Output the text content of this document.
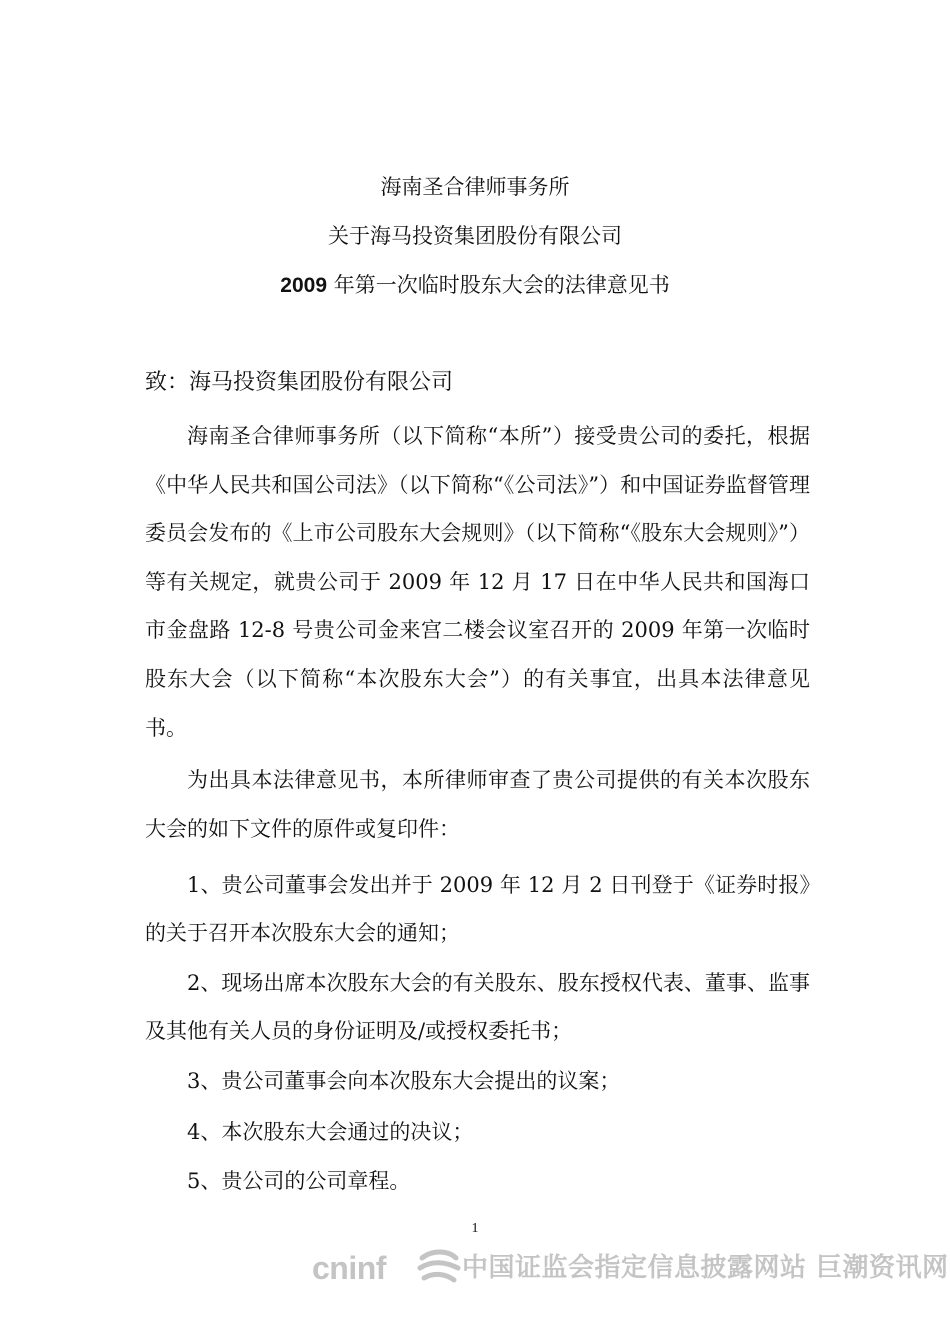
海南圣合律师事务所
关于海马投资集团股份有限公司
2009 年第一次临时股东大会的法律意见书
致：海马投资集团股份有限公司

海南圣合律师事务所（以下简称“本所”）接受贵公司的委托，根据《中华人民共和国公司法》（以下简称“《公司法》”）和中国证券监督管理委员会发布的《上市公司股东大会规则》（以下简称“《股东大会规则》”）等有关规定，就贵公司于 2009 年 12 月 17 日在中华人民共和国海口市金盘路 12-8 号贵公司金来宫二楼会议室召开的 2009 年第一次临时股东大会（以下简称“本次股东大会”）的有关事宜，出具本法律意见书。

为出具本法律意见书，本所律师审查了贵公司提供的有关本次股东大会的如下文件的原件或复印件：

1、贵公司董事会发出并于 2009 年 12 月 2 日刊登于《证券时报》的关于召开本次股东大会的通知；

2、现场出席本次股东大会的有关股东、股东授权代表、董事、监事及其他有关人员的身份证明及/或授权委托书；

3、贵公司董事会向本次股东大会提出的议案；

4、本次股东大会通过的决议；

5、贵公司的公司章程。

1
cninf	中国证监会指定信息披露网站 巨潮资讯网
